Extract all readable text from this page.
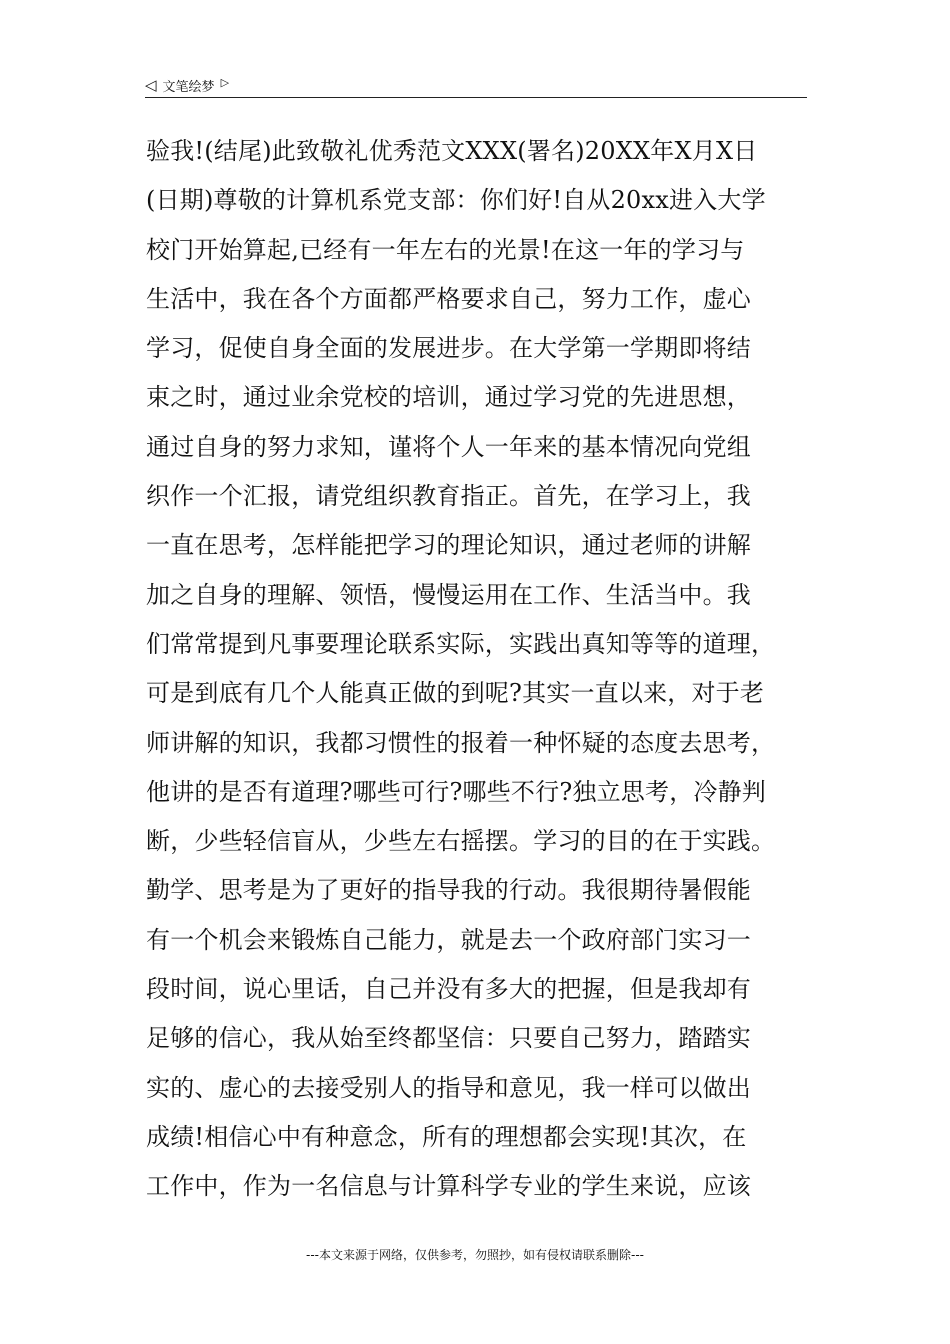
◁ 文笔绘梦 ▷
验我!(结尾)此致敬礼优秀范文XXX(署名)20XX年X月X日
(日期)尊敬的计算机系党支部：你们好!自从20xx进入大学
校门开始算起,已经有一年左右的光景!在这一年的学习与
生活中，我在各个方面都严格要求自己，努力工作，虚心
学习，促使自身全面的发展进步。在大学第一学期即将结
束之时，通过业余党校的培训，通过学习党的先进思想，
通过自身的努力求知，谨将个人一年来的基本情况向党组
织作一个汇报，请党组织教育指正。首先，在学习上，我
一直在思考，怎样能把学习的理论知识，通过老师的讲解
加之自身的理解、领悟，慢慢运用在工作、生活当中。我
们常常提到凡事要理论联系实际，实践出真知等等的道理，
可是到底有几个人能真正做的到呢?其实一直以来，对于老
师讲解的知识，我都习惯性的报着一种怀疑的态度去思考，
他讲的是否有道理?哪些可行?哪些不行?独立思考，冷静判
断，少些轻信盲从，少些左右摇摆。学习的目的在于实践。
勤学、思考是为了更好的指导我的行动。我很期待暑假能
有一个机会来锻炼自己能力，就是去一个政府部门实习一
段时间，说心里话，自己并没有多大的把握，但是我却有
足够的信心，我从始至终都坚信：只要自己努力，踏踏实
实的、虚心的去接受别人的指导和意见，我一样可以做出
成绩!相信心中有种意念，所有的理想都会实现!其次，在
工作中，作为一名信息与计算科学专业的学生来说，应该
---本文来源于网络，仅供参考，勿照抄，如有侵权请联系删除---
